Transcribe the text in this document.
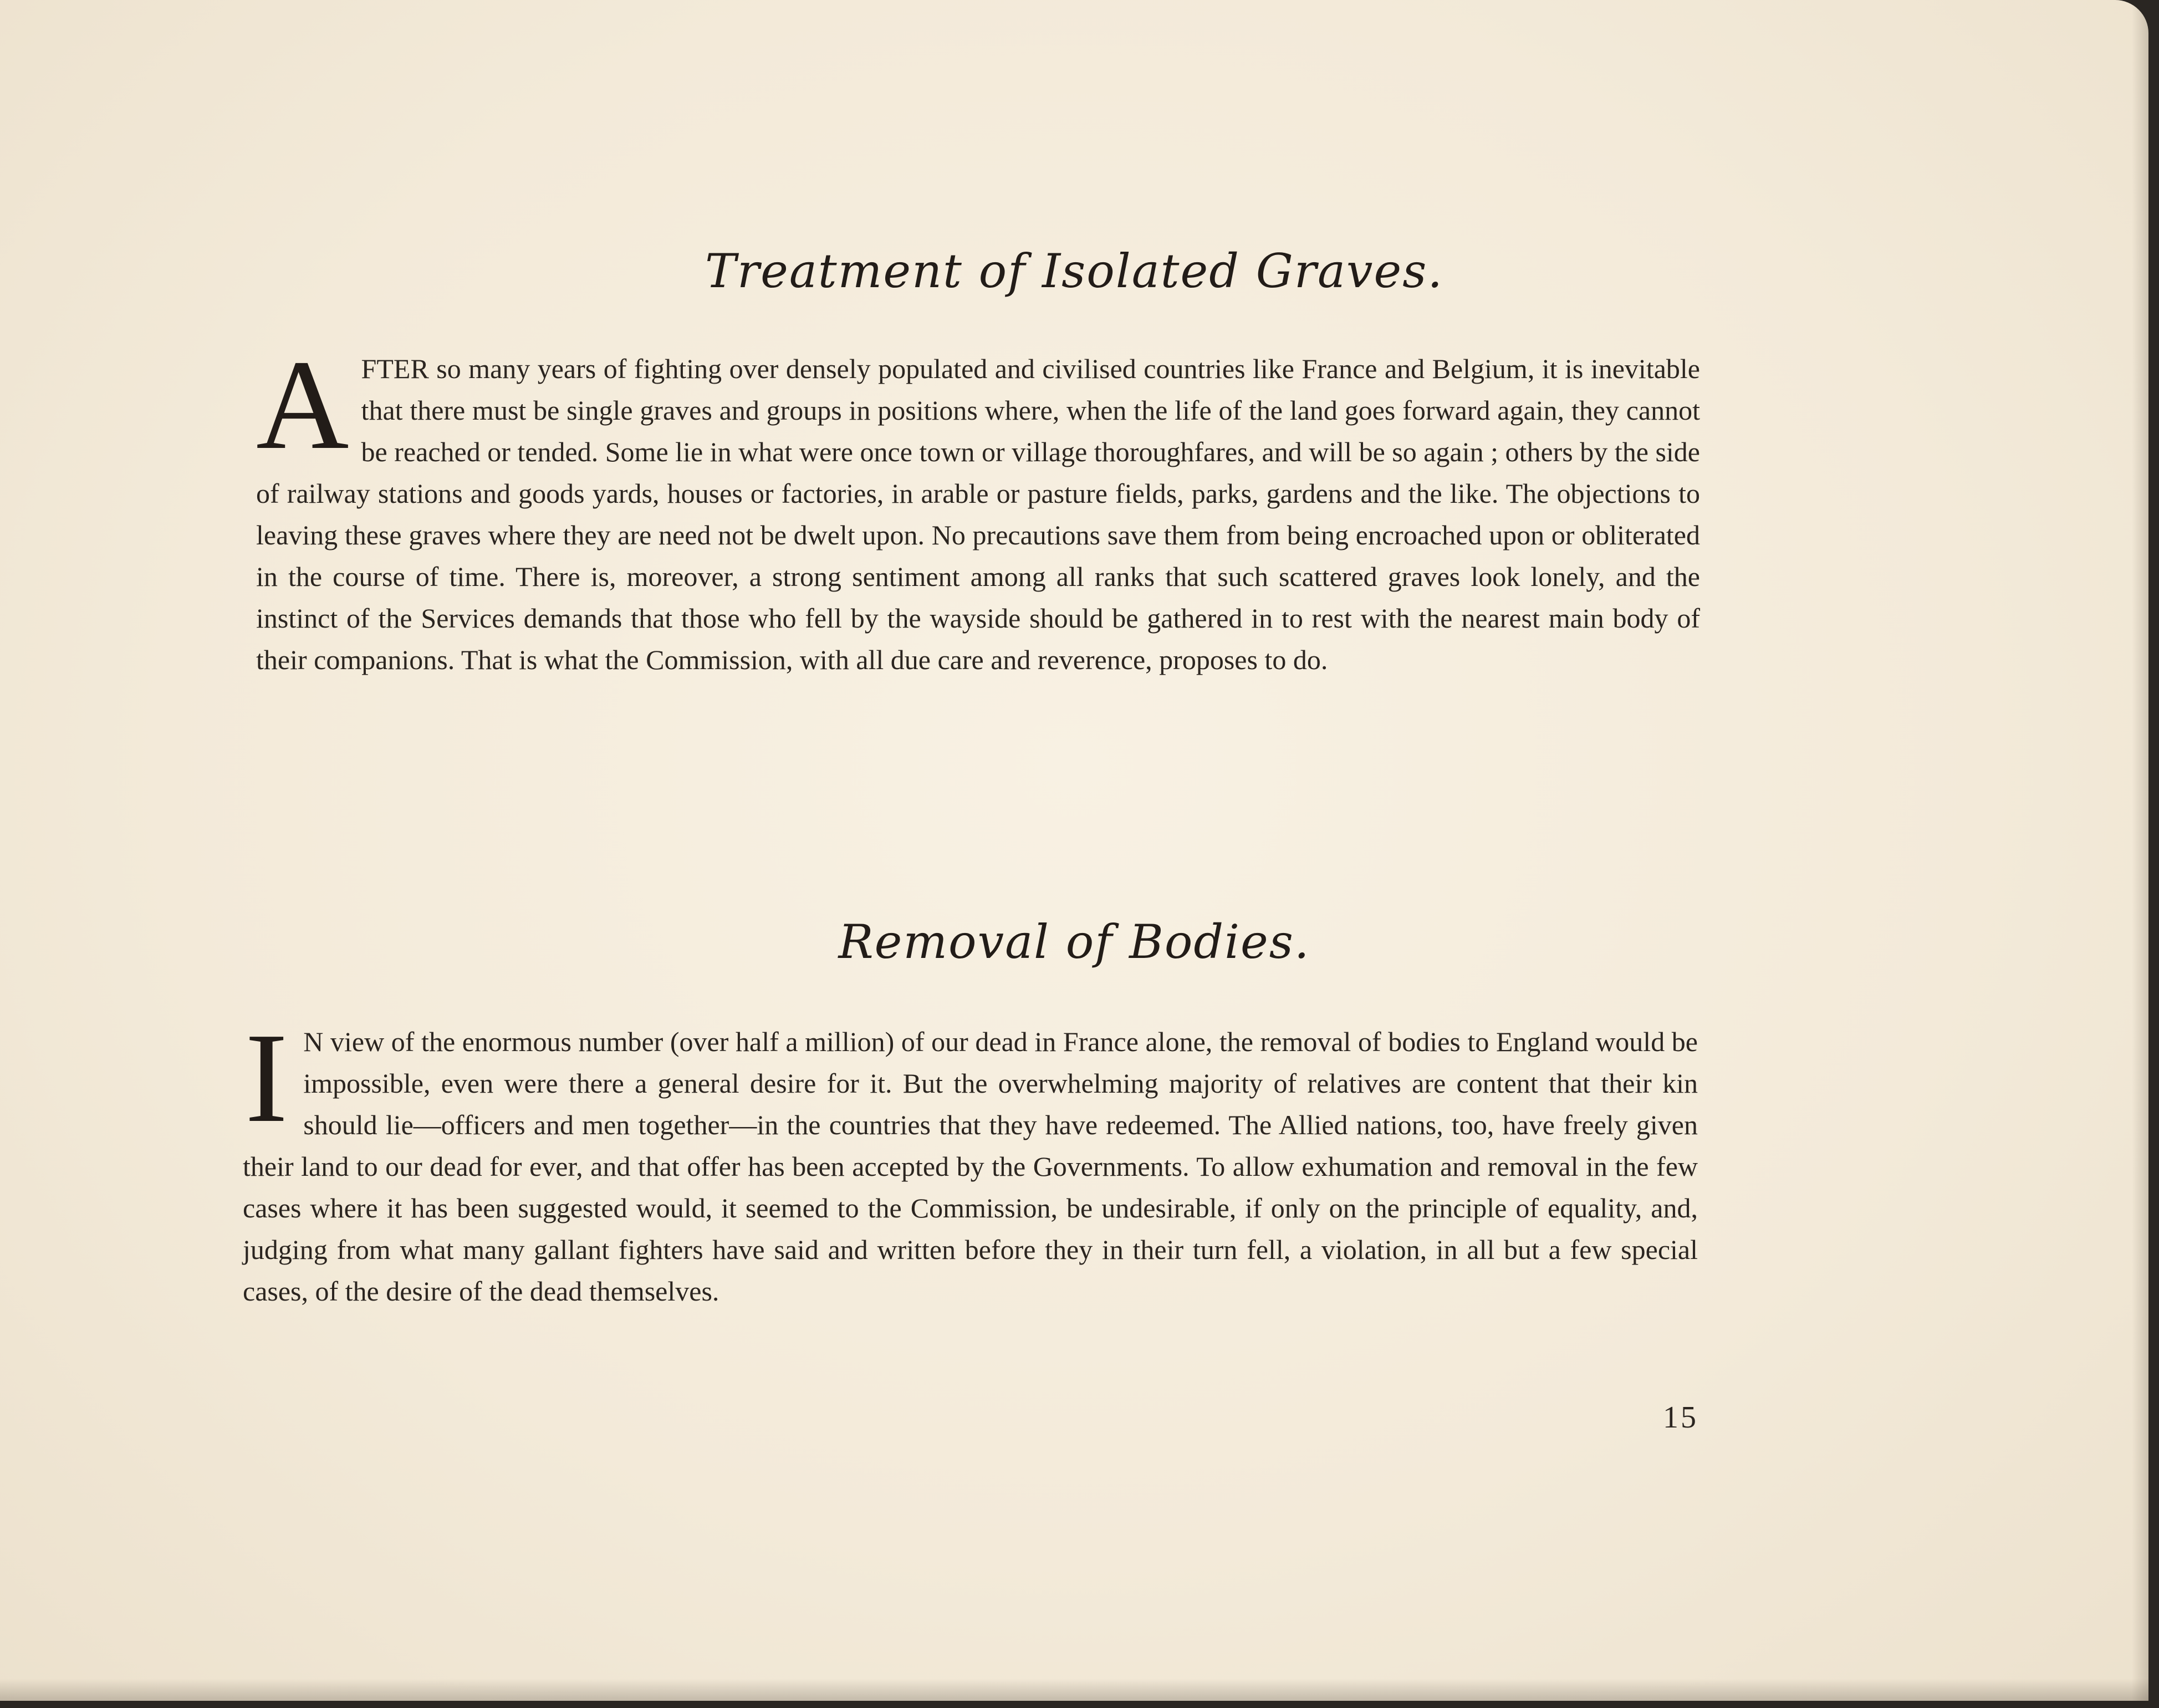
Treatment of Isolated Graves.
AFTER so many years of fighting over densely populated and civilised countries like France and Belgium, it is inevitable that there must be single graves and groups in positions where, when the life of the land goes forward again, they cannot be reached or tended. Some lie in what were once town or village thoroughfares, and will be so again ; others by the side of railway stations and goods yards, houses or factories, in arable or pasture fields, parks, gardens and the like. The objections to leaving these graves where they are need not be dwelt upon. No precautions save them from being encroached upon or obliterated in the course of time. There is, moreover, a strong sentiment among all ranks that such scattered graves look lonely, and the instinct of the Services demands that those who fell by the wayside should be gathered in to rest with the nearest main body of their companions. That is what the Commission, with all due care and reverence, proposes to do.
Removal of Bodies.
I N view of the enormous number (over half a million) of our dead in France alone, the removal of bodies to England would be impossible, even were there a general desire for it. But the overwhelming majority of relatives are content that their kin should lie—officers and men together—in the countries that they have redeemed. The Allied nations, too, have freely given their land to our dead for ever, and that offer has been accepted by the Governments. To allow exhumation and removal in the few cases where it has been suggested would, it seemed to the Commission, be undesirable, if only on the principle of equality, and, judging from what many gallant fighters have said and written before they in their turn fell, a violation, in all but a few special cases, of the desire of the dead themselves.
15
